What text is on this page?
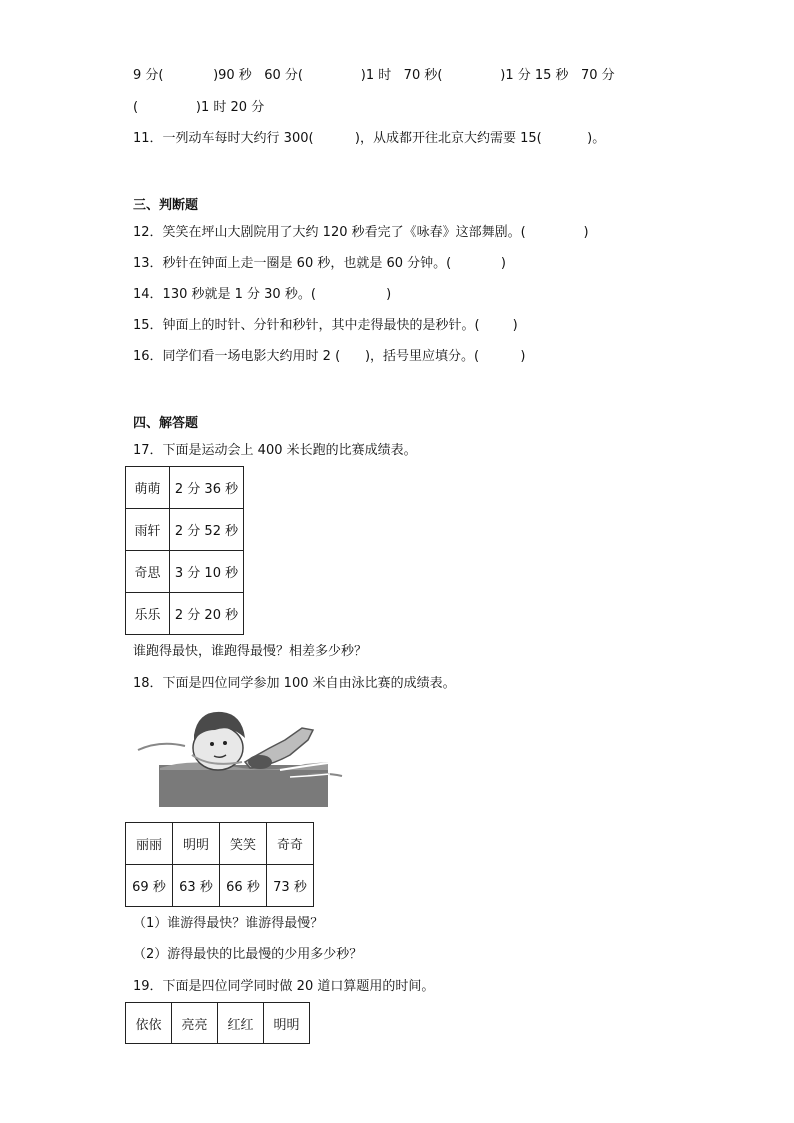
9 分(            )90 秒   60 分(              )1 时   70 秒(              )1 分 15 秒   70 分
(              )1 时 20 分
11．一列动车每时大约行 300(          )，从成都开往北京大约需要 15(           )。
三、判断题
12．笑笑在坪山大剧院用了大约 120 秒看完了《咏春》这部舞剧。(              )
13．秒针在钟面上走一圈是 60 秒，也就是 60 分钟。(            )
14．130 秒就是 1 分 30 秒。(                 )
15．钟面上的时针、分针和秒针，其中走得最快的是秒针。(        )
16．同学们看一场电影大约用时 2 (      )，括号里应填分。(          )
四、解答题
17．下面是运动会上 400 米长跑的比赛成绩表。
萌萌	2 分 36 秒
雨轩	2 分 52 秒
奇思	3 分 10 秒
乐乐	2 分 20 秒
谁跑得最快，谁跑得最慢？相差多少秒？
18．下面是四位同学参加 100 米自由泳比赛的成绩表。
丽丽	明明	笑笑	奇奇
69 秒	63 秒	66 秒	73 秒
（1）谁游得最快？谁游得最慢？
（2）游得最快的比最慢的少用多少秒？
19．下面是四位同学同时做 20 道口算题用的时间。
依依	亮亮	红红	明明
